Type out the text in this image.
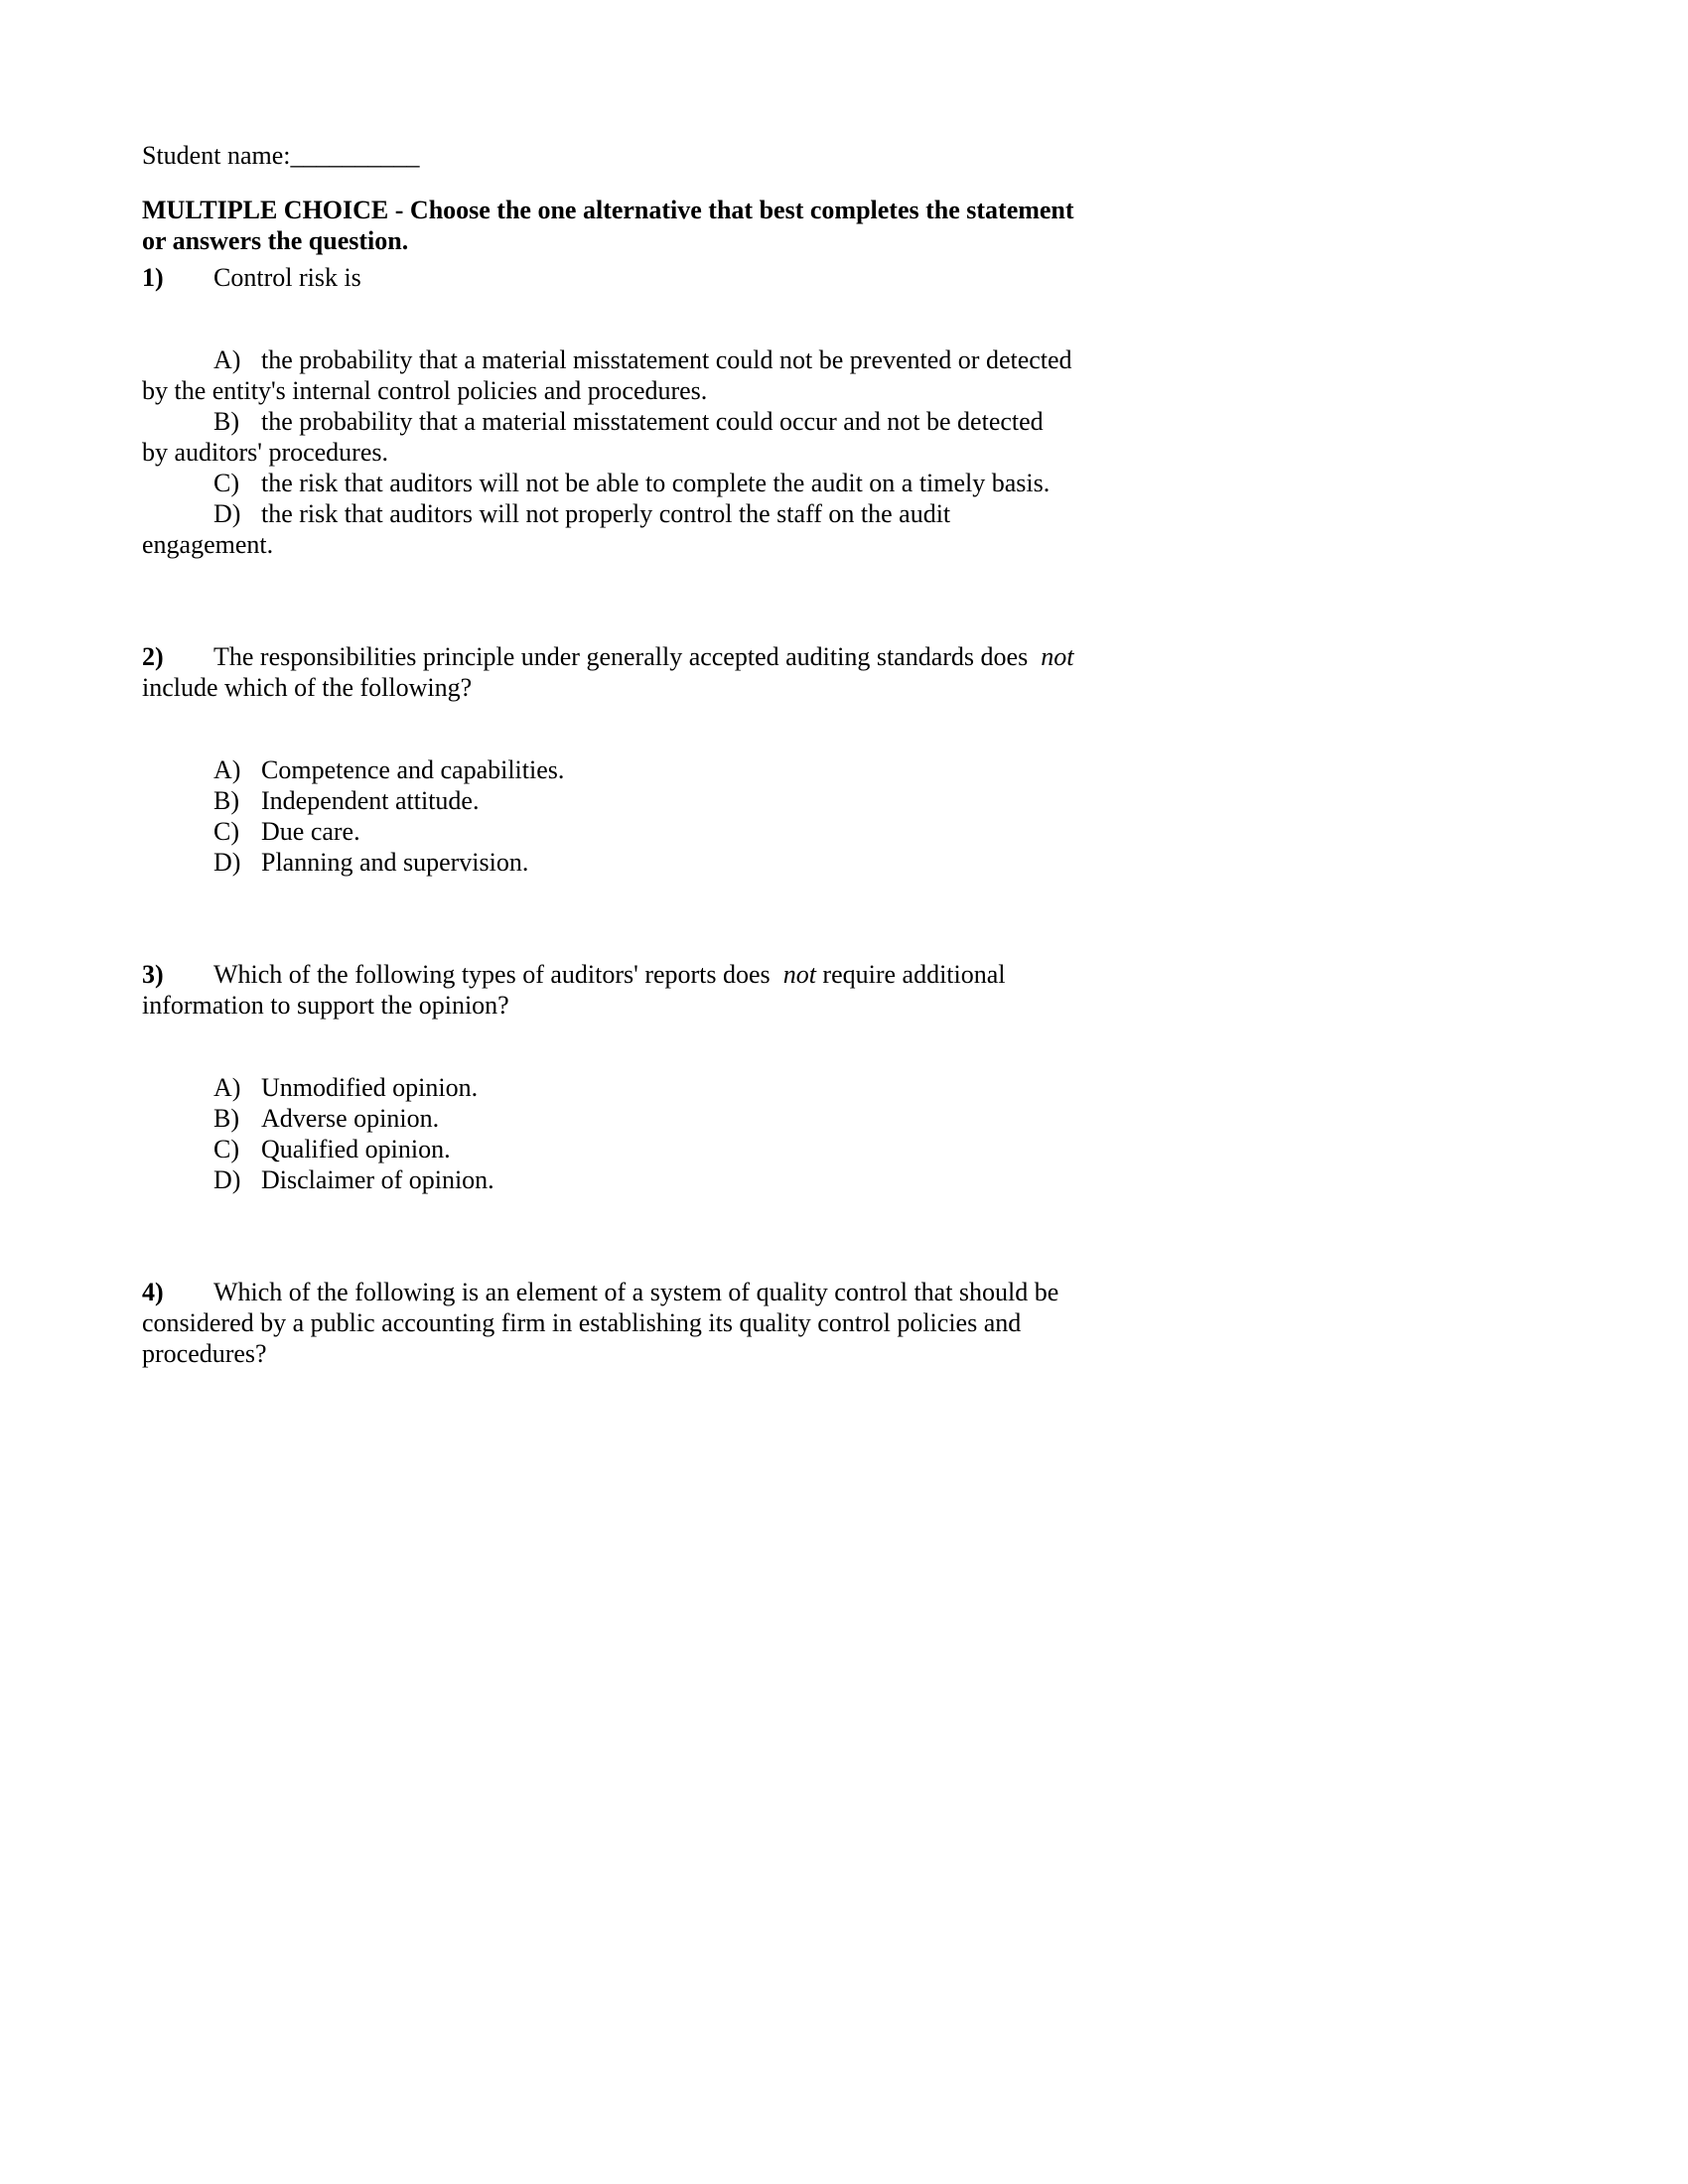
Student name:__________

MULTIPLE CHOICE - Choose the one alternative that best completes the statement or answers the question.

1) Control risk is

A) the probability that a material misstatement could not be prevented or detected by the entity's internal control policies and procedures.

B) the probability that a material misstatement could occur and not be detected by auditors' procedures.

C) the risk that auditors will not be able to complete the audit on a timely basis.

D) the risk that auditors will not properly control the staff on the audit engagement.

2) The responsibilities principle under generally accepted auditing standards does  not include which of the following?

A) Competence and capabilities.

B) Independent attitude.

C) Due care.

D) Planning and supervision.

3) Which of the following types of auditors' reports does  not require additional information to support the opinion?

A) Unmodified opinion.

B) Adverse opinion.

C) Qualified opinion.

D) Disclaimer of opinion.

4) Which of the following is an element of a system of quality control that should be considered by a public accounting firm in establishing its quality control policies and procedures?
